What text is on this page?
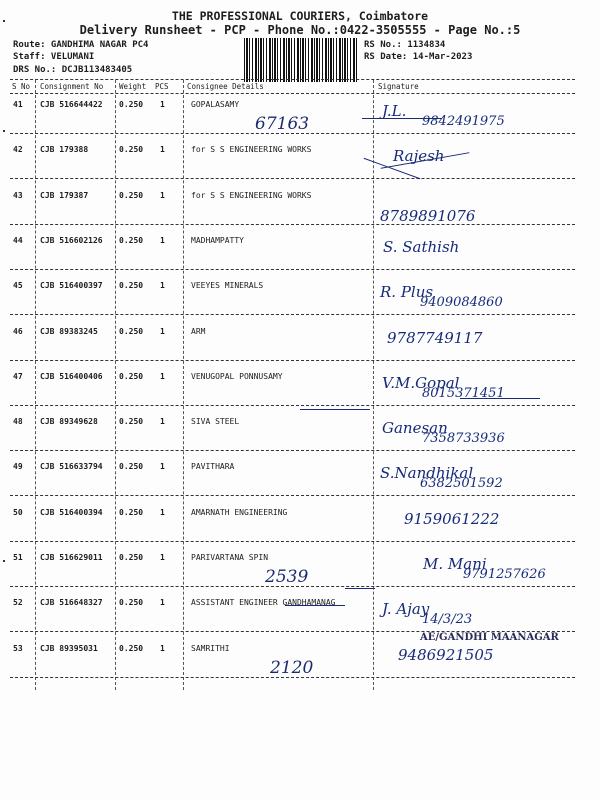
THE PROFESSIONAL COURIERS, Coimbatore
Delivery Runsheet - PCP - Phone No.:0422-3505555 - Page No.:5
Route: GANDHIMA NAGAR PC4
Staff: VELUMANI
DRS No.: DCJB113483405
RS No.: 1134834
RS Date: 14-Mar-2023
S No Consignment No Weight PCS Consignee Details	Signature
41 CJB 516644422 0.250 1	GOPALASAMY	J.L.
9842491975
67163
42 CJB 179388	0.250 1	for S S ENGINEERING WORKS	Rajesh
43 CJB 179387	0.250 1	for S S ENGINEERING WORKS
8789891076
44 CJB 516602126 0.250 1	MADHAMPATTY	S. Sathish
45 CJB 516400397 0.250 1	VEEYES MINERALS	R. Plus
9409084860
46 CJB 89383245	0.250 1	ARM	9787749117
47 CJB 516400406 0.250 1	VENUGOPAL PONNUSAMY	V.M.Gopal
8015371451
48 CJB 89349628	0.250 1	SIVA STEEL	Ganesan
7358733936
49 CJB 516633794 0.250 1	PAVITHARA	S.Nandhikal
6382501592
50 CJB 516400394 0.250 1	AMARNATH ENGINEERING	9159061222
51 CJB 516629011 0.250 1	PARIVARTANA SPIN	M. Mani
9791257626
2539
52 CJB 516648327 0.250 1	ASSISTANT ENGINEER GANDHAMANAG	J. Ajay
14/3/23
AE/GANDHI MAANAGAR
53 CJB 89395031	0.250 1	SAMRITHI	9486921505
2120
